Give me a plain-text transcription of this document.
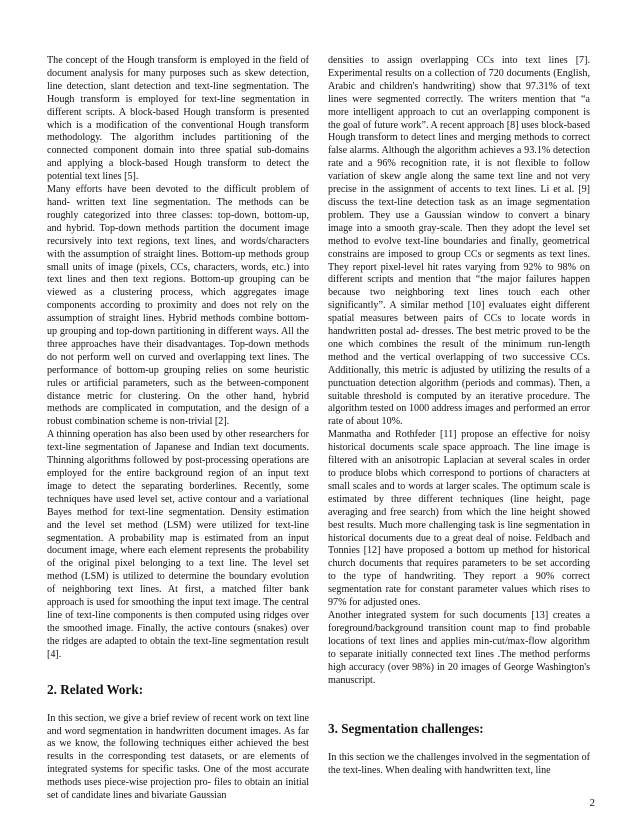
The concept of the Hough transform is employed in the field of document analysis for many purposes such as skew detection, line detection, slant detection and text-line segmentation. The Hough transform is employed for text-line segmentation in different scripts. A block-based Hough transform is presented which is a modification of the conventional Hough transform methodology. The algorithm includes partitioning of the connected component domain into three spatial sub-domains and applying a block-based Hough transform to detect the potential text lines [5].

Many efforts have been devoted to the difficult problem of hand- written text line segmentation. The methods can be roughly categorized into three classes: top-down, bottom-up, and hybrid. Top-down methods partition the document image recursively into text regions, text lines, and words/characters with the assumption of straight lines. Bottom-up methods group small units of image (pixels, CCs, characters, words, etc.) into text lines and then text regions. Bottom-up grouping can be viewed as a clustering process, which aggregates image components according to proximity and does not rely on the assumption of straight lines. Hybrid methods combine bottom-up grouping and top-down partitioning in different ways. All the three approaches have their disadvantages. Top-down methods do not perform well on curved and overlapping text lines. The performance of bottom-up grouping relies on some heuristic rules or artificial parameters, such as the between-component distance metric for clustering. On the other hand, hybrid methods are complicated in computation, and the design of a robust combination scheme is non-trivial [2].

A thinning operation has also been used by other researchers for text-line segmentation of Japanese and Indian text documents. Thinning algorithms followed by post-processing operations are employed for the entire background region of an input text image to detect the separating borderlines. Recently, some techniques have used level set, active contour and a variational Bayes method for text-line segmentation. Density estimation and the level set method (LSM) were utilized for text-line segmentation. A probability map is estimated from an input document image, where each element represents the probability of the original pixel belonging to a text line. The level set method (LSM) is utilized to determine the boundary evolution of neighboring text lines. At first, a matched filter bank approach is used for smoothing the input text image. The central line of text-line components is then computed using ridges over the smoothed image. Finally, the active contours (snakes) over the ridges are adapted to obtain the text-line segmentation result [4].

2. Related Work:

In this section, we give a brief review of recent work on text line and word segmentation in handwritten document images. As far as we know, the following techniques either achieved the best results in the corresponding test datasets, or are elements of integrated systems for specific tasks. One of the most accurate methods uses piece-wise projection pro- files to obtain an initial set of candidate lines and bivariate Gaussian

densities to assign overlapping CCs into text lines [7]. Experimental results on a collection of 720 documents (English, Arabic and children's handwriting) show that 97.31% of text lines were segmented correctly. The writers mention that “a more intelligent approach to cut an overlapping component is the goal of future work”. A recent approach [8] uses block-based Hough transform to detect lines and merging methods to correct false alarms. Although the algorithm achieves a 93.1% detection rate and a 96% recognition rate, it is not flexible to follow variation of skew angle along the same text line and not very precise in the assignment of accents to text lines. Li et al. [9] discuss the text-line detection task as an image segmentation problem. They use a Gaussian window to convert a binary image into a smooth gray-scale. Then they adopt the level set method to evolve text-line boundaries and finally, geometrical constrains are imposed to group CCs or segments as text lines. They report pixel-level hit rates varying from 92% to 98% on different scripts and mention that “the major failures happen because two neighboring text lines touch each other significantly”. A similar method [10] evaluates eight different spatial measures between pairs of CCs to locate words in handwritten postal ad- dresses. The best metric proved to be the one which combines the result of the minimum run-length method and the vertical overlapping of two successive CCs. Additionally, this metric is adjusted by utilizing the results of a punctuation detection algorithm (periods and commas). Then, a suitable threshold is computed by an iterative procedure. The algorithm tested on 1000 address images and performed an error rate of about 10%.

Manmatha and Rothfeder [11] propose an effective for noisy historical documents scale space approach. The line image is filtered with an anisotropic Laplacian at several scales in order to produce blobs which correspond to portions of characters at small scales and to words at larger scales. The optimum scale is estimated by three different techniques (line height, page averaging and free search) from which the line height showed best results. Much more challenging task is line segmentation in historical documents due to a great deal of noise. Feldbach and Tonnies [12] have proposed a bottom up method for historical church documents that requires parameters to be set according to the type of handwriting. They report a 90% correct segmentation rate for constant parameter values which rises to 97% for adjusted ones.

Another integrated system for such documents [13] creates a foreground/background transition count map to find probable locations of text lines and applies min-cut/max-flow algorithm to separate initially connected text lines .The method performs high accuracy (over 98%) in 20 images of George Washington's manuscript.

3. Segmentation challenges:

In this section we the challenges involved in the segmentation of the text-lines. When dealing with handwritten text, line

2
